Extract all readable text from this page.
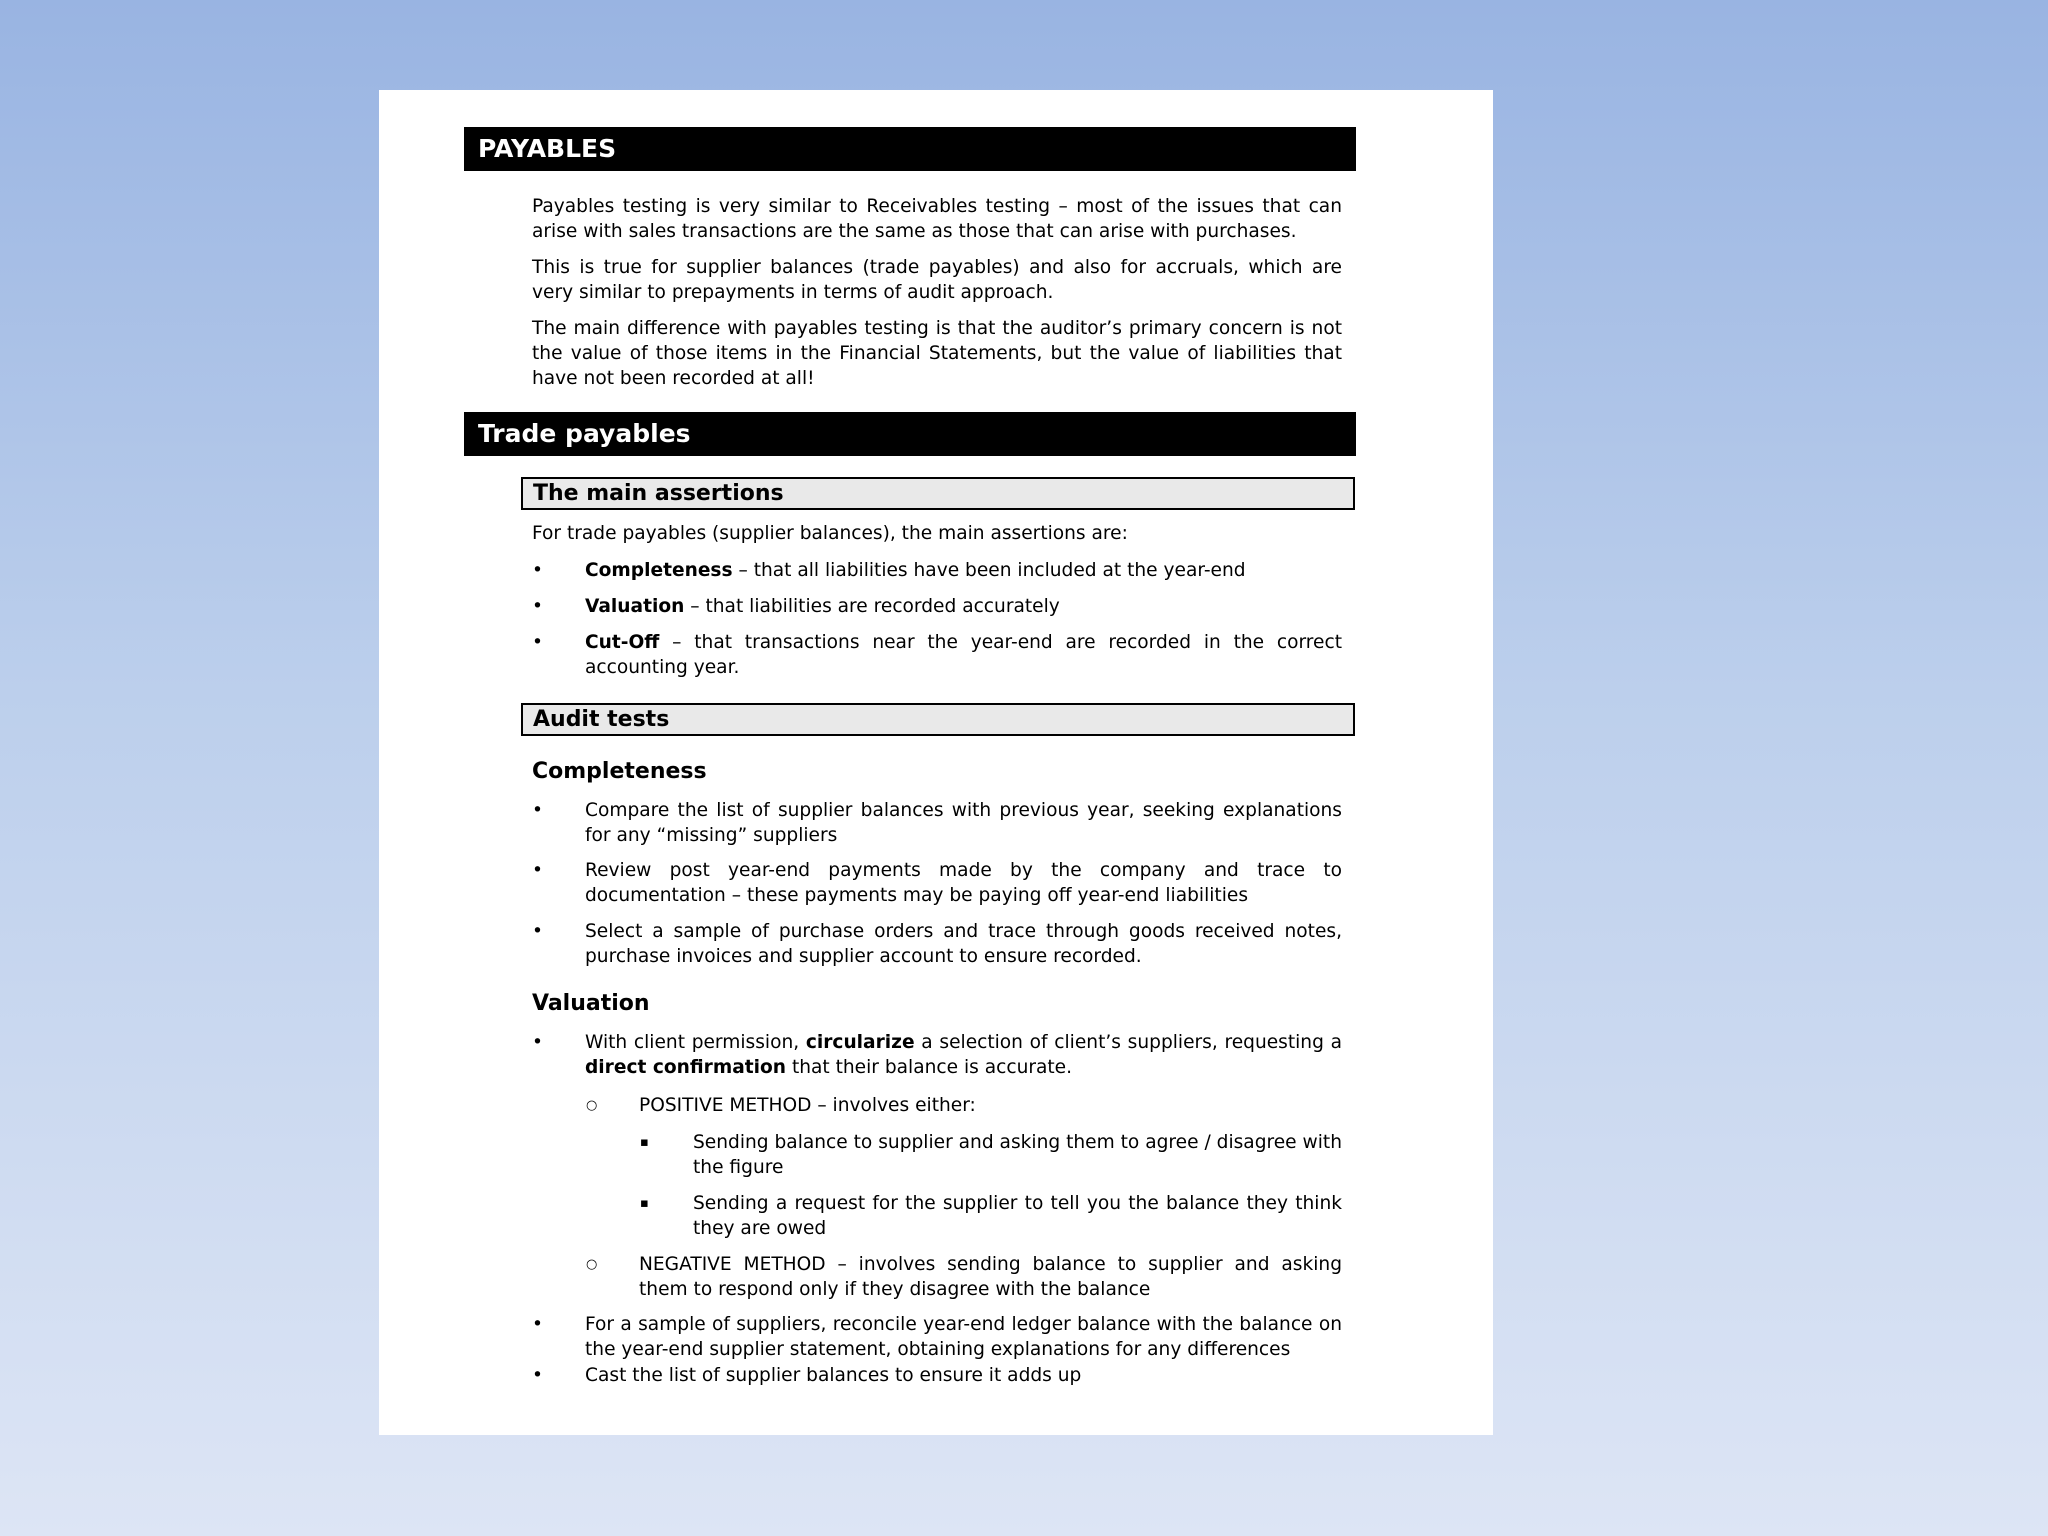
PAYABLES

Payables testing is very similar to Receivables testing – most of the issues that can arise with sales transactions are the same as those that can arise with purchases.

This is true for supplier balances (trade payables) and also for accruals, which are very similar to prepayments in terms of audit approach.

The main difference with payables testing is that the auditor’s primary concern is not the value of those items in the Financial Statements, but the value of liabilities that have not been recorded at all!

Trade payables
The main assertions

For trade payables (supplier balances), the main assertions are:

•	Completeness – that all liabilities have been included at the year-end
•	Valuation – that liabilities are recorded accurately
•	Cut-Off – that transactions near the year-end are recorded in the correct accounting year.
Audit tests
Completeness
•	Compare the list of supplier balances with previous year, seeking explanations for any “missing” suppliers
•	Review post year-end payments made by the company and trace to documentation – these payments may be paying off year-end liabilities
•	Select a sample of purchase orders and trace through goods received notes, purchase invoices and supplier account to ensure recorded.
Valuation
•	With client permission, circularize a selection of client’s suppliers, requesting a direct confirmation that their balance is accurate.
○	POSITIVE METHOD – involves either:
▪	Sending balance to supplier and asking them to agree / disagree with the figure
▪	Sending a request for the supplier to tell you the balance they think they are owed
○	NEGATIVE METHOD – involves sending balance to supplier and asking them to respond only if they disagree with the balance
•	For a sample of suppliers, reconcile year-end ledger balance with the balance on the year-end supplier statement, obtaining explanations for any differences
•	Cast the list of supplier balances to ensure it adds up
